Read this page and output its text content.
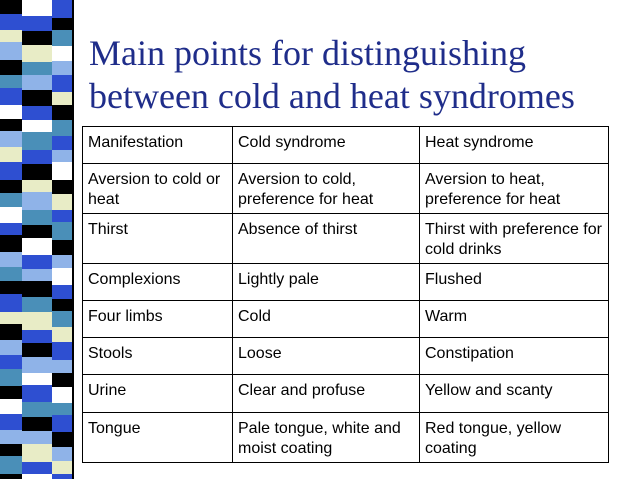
Main points for distinguishing between cold and heat syndromes
Manifestation	Cold syndrome	Heat syndrome
Aversion to cold or heat	Aversion to cold, preference for heat	Aversion to heat, preference for heat
Thirst	Absence of thirst	Thirst with preference for cold drinks
Complexions	Lightly pale	Flushed
Four limbs	Cold	Warm
Stools	Loose	Constipation
Urine	Clear and profuse	Yellow and scanty
Tongue	Pale tongue, white and moist coating	Red tongue, yellow coating
